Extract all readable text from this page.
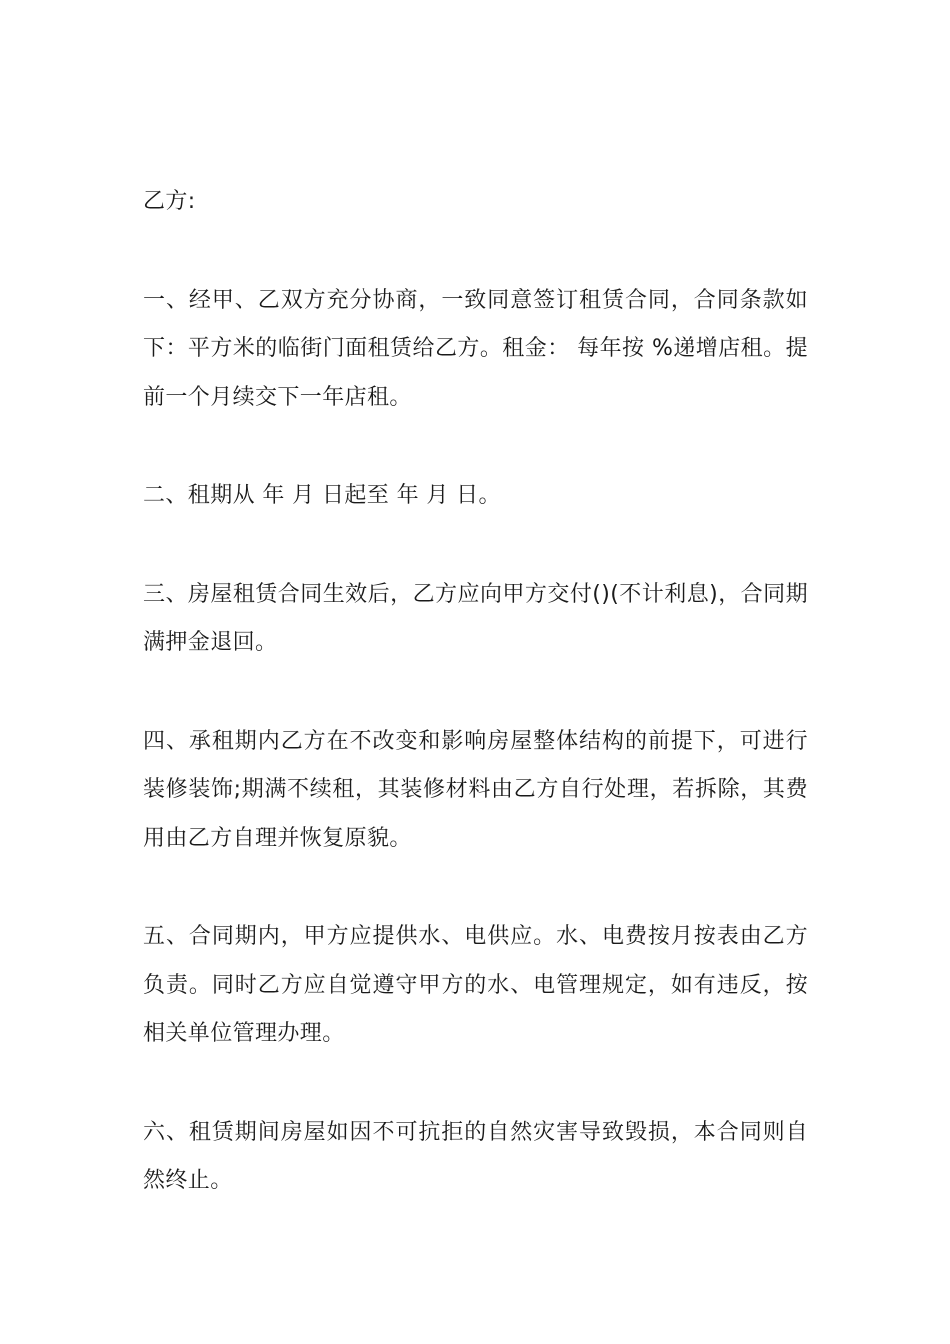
乙方:

一、经甲、乙双方充分协商，一致同意签订租赁合同，合同条款如下：平方米的临街门面租赁给乙方。租金： 每年按 %递增店租。提前一个月续交下一年店租。

二、租期从 年 月 日起至 年 月 日。

三、房屋租赁合同生效后，乙方应向甲方交付()(不计利息)，合同期满押金退回。

四、承租期内乙方在不改变和影响房屋整体结构的前提下，可进行装修装饰;期满不续租，其装修材料由乙方自行处理，若拆除，其费用由乙方自理并恢复原貌。

五、合同期内，甲方应提供水、电供应。水、电费按月按表由乙方负责。同时乙方应自觉遵守甲方的水、电管理规定，如有违反，按相关单位管理办理。

六、租赁期间房屋如因不可抗拒的自然灾害导致毁损，本合同则自然终止。
